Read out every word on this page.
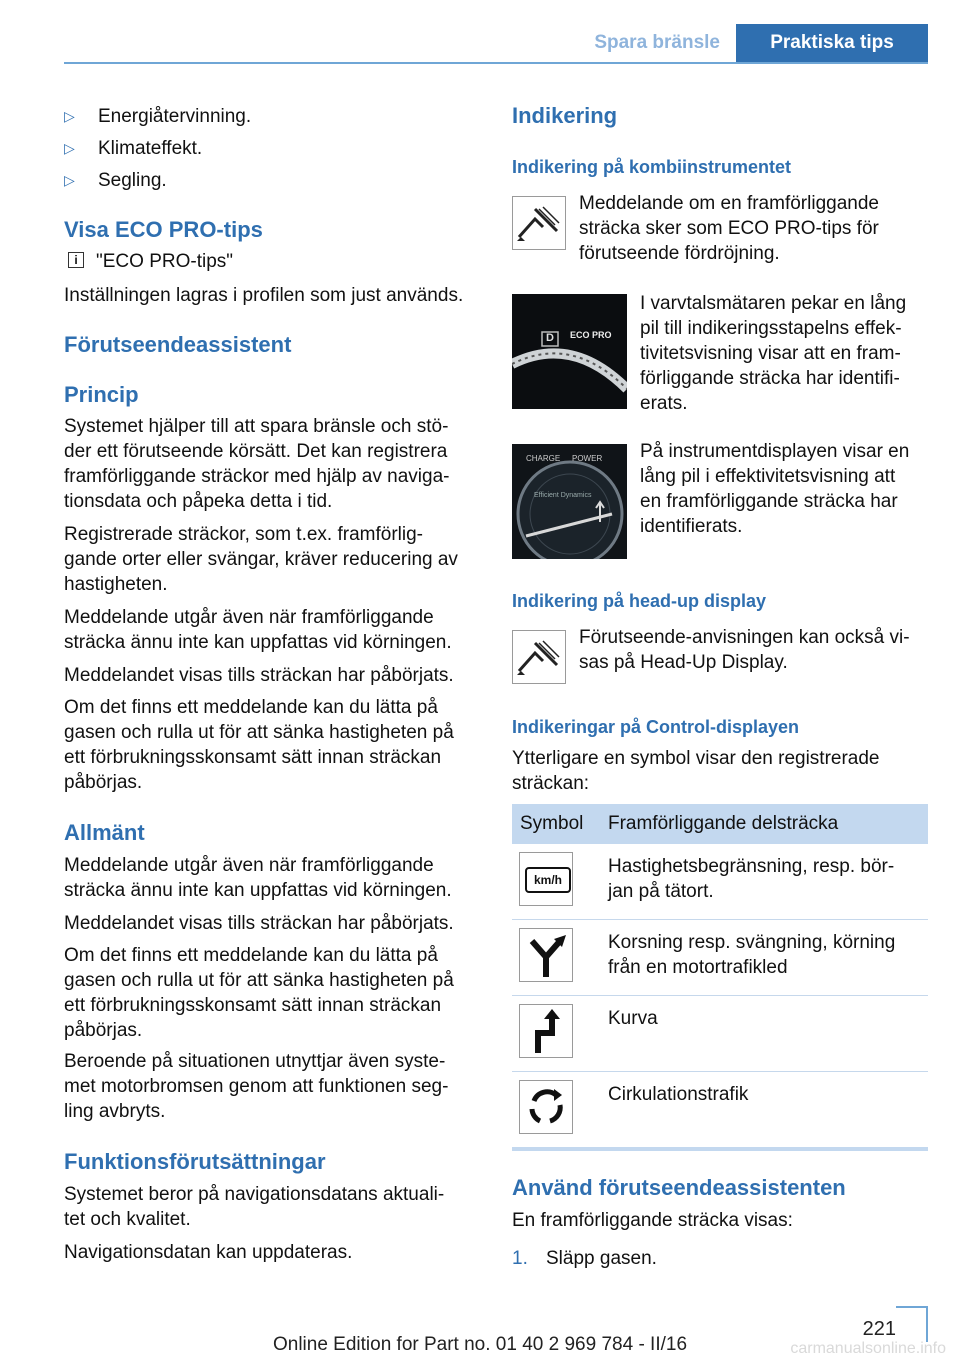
Spara bränsle	Praktiska tips
▷ Energiåtervinning.
▷ Klimateffekt.
▷ Segling.
Visa ECO PRO-tips
i "ECO PRO-tips"
Inställningen lagras i profilen som just används.
Förutseendeassistent
Princip
Systemet hjälper till att spara bränsle och stö-
der ett förutseende körsätt. Det kan registrera
framförliggande sträckor med hjälp av naviga-
tionsdata och påpeka detta i tid.
Registrerade sträckor, som t.ex. framförlig-
gande orter eller svängar, kräver reducering av
hastigheten.
Meddelande utgår även när framförliggande
sträcka ännu inte kan uppfattas vid körningen.
Meddelandet visas tills sträckan har påbörjats.
Om det finns ett meddelande kan du lätta på
gasen och rulla ut för att sänka hastigheten på
ett förbrukningsskonsamt sätt innan sträckan
påbörjas.
Allmänt
Meddelande utgår även när framförliggande
sträcka ännu inte kan uppfattas vid körningen.
Meddelandet visas tills sträckan har påbörjats.
Om det finns ett meddelande kan du lätta på
gasen och rulla ut för att sänka hastigheten på
ett förbrukningsskonsamt sätt innan sträckan
påbörjas.
Beroende på situationen utnyttjar även syste-
met motorbromsen genom att funktionen seg-
ling avbryts.
Funktionsförutsättningar
Systemet beror på navigationsdatans aktuali-
tet och kvalitet.
Navigationsdatan kan uppdateras.
Indikering
Indikering på kombiinstrumentet
Meddelande om en framförliggande
sträcka sker som ECO PRO-tips för
förutseende fördröjning.
D ECO PRO
I varvtalsmätaren pekar en lång
pil till indikeringsstapelns effek-
tivitetsvisning visar att en fram-
förliggande sträcka har identifi-
erats.
CHARGE POWER
Efficient Dynamics
På instrumentdisplayen visar en
lång pil i effektivitetsvisning att
en framförliggande sträcka har
identifierats.
Indikering på head-up display
Förutseende-anvisningen kan också vi-
sas på Head-Up Display.
Indikeringar på Control-displayen
Ytterligare en symbol visar den registrerade
sträckan:
Symbol	Framförliggande delsträcka

km/h	Hastighetsbegränsning, resp. bör-
jan på tätort.

Korsning resp. svängning, körning
från en motortrafikled

Kurva

Cirkulationstrafik
Använd förutseendeassistenten
En framförliggande sträcka visas:
1. Släpp gasen.
221
Online Edition for Part no. 01 40 2 969 784 - II/16	carmanualsonline.info
